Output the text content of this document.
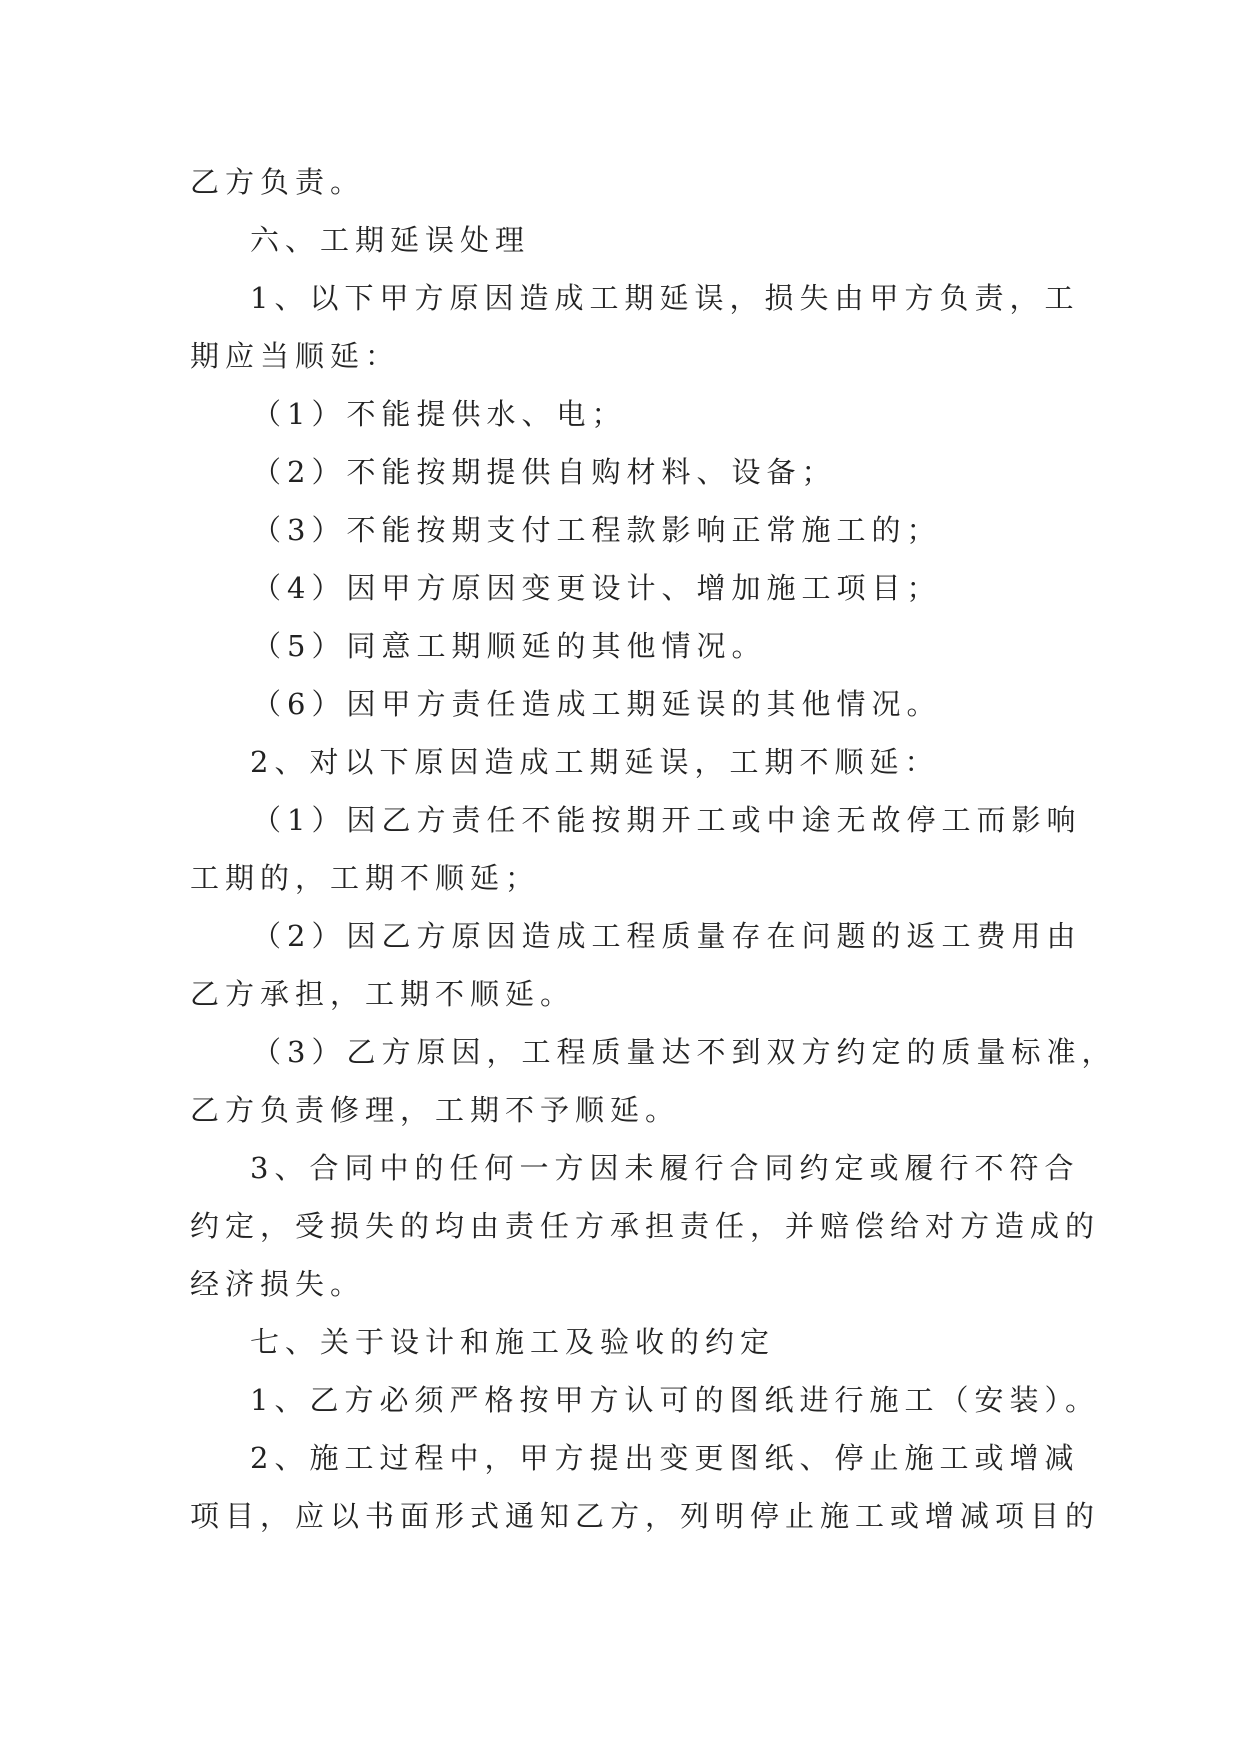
乙方负责。
六、工期延误处理
1、以下甲方原因造成工期延误，损失由甲方负责，工
期应当顺延：
（1）不能提供水、电；
（2）不能按期提供自购材料、设备；
（3）不能按期支付工程款影响正常施工的；
（4）因甲方原因变更设计、增加施工项目；
（5）同意工期顺延的其他情况。
（6）因甲方责任造成工期延误的其他情况。
2、对以下原因造成工期延误，工期不顺延：
（1）因乙方责任不能按期开工或中途无故停工而影响
工期的，工期不顺延；
（2）因乙方原因造成工程质量存在问题的返工费用由
乙方承担，工期不顺延。
（3）乙方原因，工程质量达不到双方约定的质量标准，
乙方负责修理，工期不予顺延。
3、合同中的任何一方因未履行合同约定或履行不符合
约定，受损失的均由责任方承担责任，并赔偿给对方造成的
经济损失。
七、关于设计和施工及验收的约定
1、乙方必须严格按甲方认可的图纸进行施工（安装）。
2、施工过程中，甲方提出变更图纸、停止施工或增减
项目，应以书面形式通知乙方，列明停止施工或增减项目的
